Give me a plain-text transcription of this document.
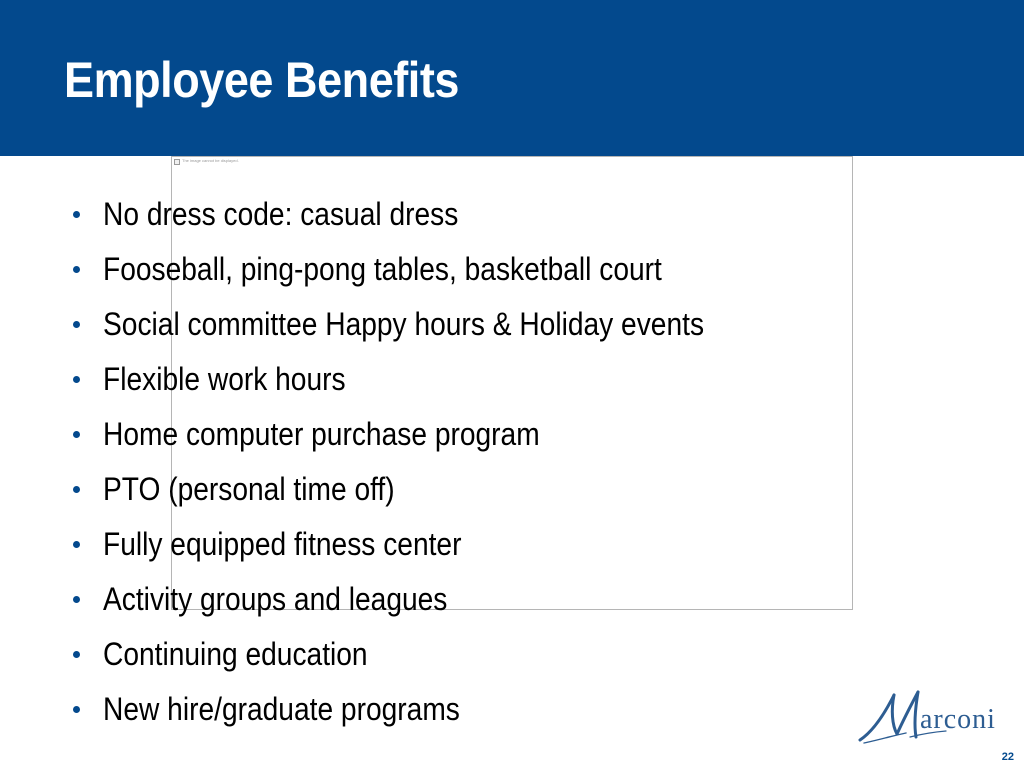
Employee Benefits
The image cannot be displayed.
No dress code: casual dress
Fooseball, ping-pong tables, basketball court
Social committee Happy hours & Holiday events
Flexible work hours
Home computer purchase program
PTO (personal time off)
Fully equipped fitness center
Activity groups and leagues
Continuing education
New hire/graduate programs	arconi
22
